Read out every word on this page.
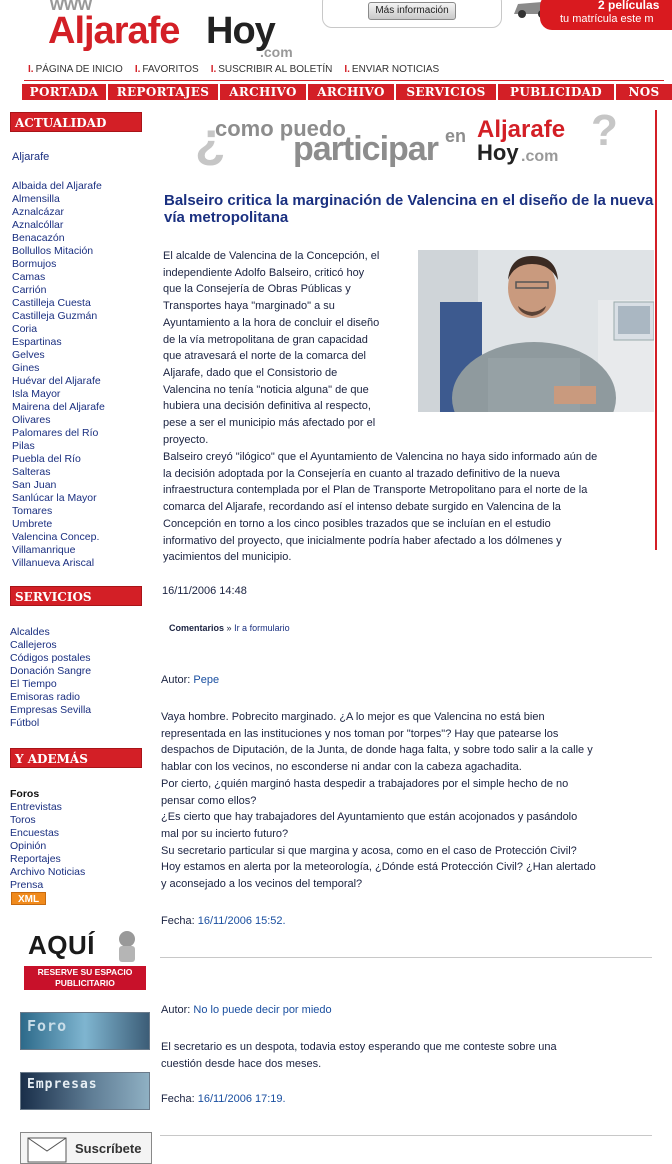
www
Aljarafe Hoy
.com
Más información	2 películas
tu matrícula este m
I. PÁGINA DE INICIO I. FAVORITOS I. SUSCRIBIR AL BOLETÍN I. ENVIAR NOTICIAS
PORTADA	REPORTAJES	ARCHIVO	ARCHIVO	SERVICIOS	PUBLICIDAD	NOS
ACTUALIDAD
Aljarafe
Albaida del Aljarafe
Almensilla
Aznalcázar
Aznalcóllar
Benacazón
Bollullos Mitación
Bormujos
Camas
Carrión
Castilleja Cuesta
Castilleja Guzmán
Coria
Espartinas
Gelves
Gines
Huévar del Aljarafe
Isla Mayor
Mairena del Aljarafe
Olivares
Palomares del Río
Pilas
Puebla del Río
Salteras
San Juan
Sanlúcar la Mayor
Tomares
Umbrete
Valencina Concep.
Villamanrique
Villanueva Ariscal
SERVICIOS
Alcaldes
Callejeros
Códigos postales
Donación Sangre
El Tiempo
Emisoras radio
Empresas Sevilla
Fútbol
Y ADEMÁS
Foros
Entrevistas
Toros
Encuestas
Opinión
Reportajes
Archivo Noticias
Prensa
XML
AQUÍ
RESERVE SU ESPACIO PUBLICITARIO
Foro
Empresas
Suscríbete
¿
como puedo
participar en Aljarafe
Hoy .com
?
Balseiro critica la marginación de Valencina en el diseño de la nueva vía metropolitana
El alcalde de Valencina de la Concepción, el
independiente Adolfo Balseiro, criticó hoy
que la Consejería de Obras Públicas y
Transportes haya "marginado" a su
Ayuntamiento a la hora de concluir el diseño
de la vía metropolitana de gran capacidad
que atravesará el norte de la comarca del
Aljarafe, dado que el Consistorio de
Valencina no tenía "noticia alguna" de que
hubiera una decisión definitiva al respecto,
pese a ser el municipio más afectado por el
proyecto.
Balseiro creyó "ilógico" que el Ayuntamiento de Valencina no haya sido informado aún de
la decisión adoptada por la Consejería en cuanto al trazado definitivo de la nueva
infraestructura contemplada por el Plan de Transporte Metropolitano para el norte de la
comarca del Aljarafe, recordando así el intenso debate surgido en Valencina de la
Concepción en torno a los cinco posibles trazados que se incluían en el estudio
informativo del proyecto, que inicialmente podría haber afectado a los dólmenes y
yacimientos del municipio.
16/11/2006 14:48
Comentarios » Ir a formulario
Autor: Pepe
Vaya hombre. Pobrecito marginado. ¿A lo mejor es que Valencina no está bien
representada en las instituciones y nos toman por "torpes"? Hay que patearse los
despachos de Diputación, de la Junta, de donde haga falta, y sobre todo salir a la calle y
hablar con los vecinos, no esconderse ni andar con la cabeza agachadita.
Por cierto, ¿quién marginó hasta despedir a trabajadores por el simple hecho de no
pensar como ellos?
¿Es cierto que hay trabajadores del Ayuntamiento que están acojonados y pasándolo
mal por su incierto futuro?
Su secretario particular si que margina y acosa, como en el caso de Protección Civil?
Hoy estamos en alerta por la meteorología, ¿Dónde está Protección Civil? ¿Han alertado
y aconsejado a los vecinos del temporal?
Fecha: 16/11/2006 15:52.
Autor: No lo puede decir por miedo
El secretario es un despota, todavia estoy esperando que me conteste sobre una
cuestión desde hace dos meses.
Fecha: 16/11/2006 17:19.
